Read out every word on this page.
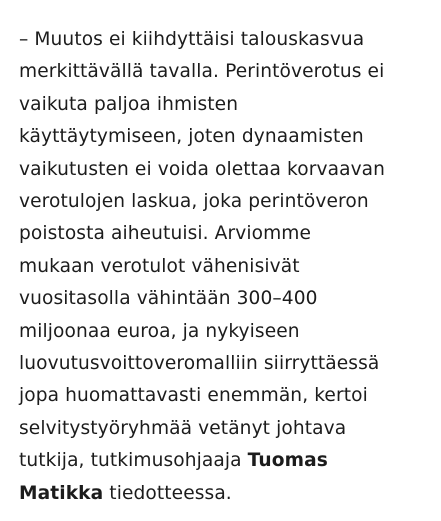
– Muutos ei kiihdyttäisi talouskasvua
merkittävällä tavalla. Perintöverotus ei
vaikuta paljoa ihmisten
käyttäytymiseen, joten dynaamisten
vaikutusten ei voida olettaa korvaavan
verotulojen laskua, joka perintöveron
poistosta aiheutuisi. Arviomme
mukaan verotulot vähenisivät
vuositasolla vähintään 300–400
miljoonaa euroa, ja nykyiseen
luovutusvoittoveromalliin siirryttäessä
jopa huomattavasti enemmän, kertoi
selvitystyöryhmää vetänyt johtava
tutkija, tutkimusohjaaja Tuomas
Matikka tiedotteessa.
